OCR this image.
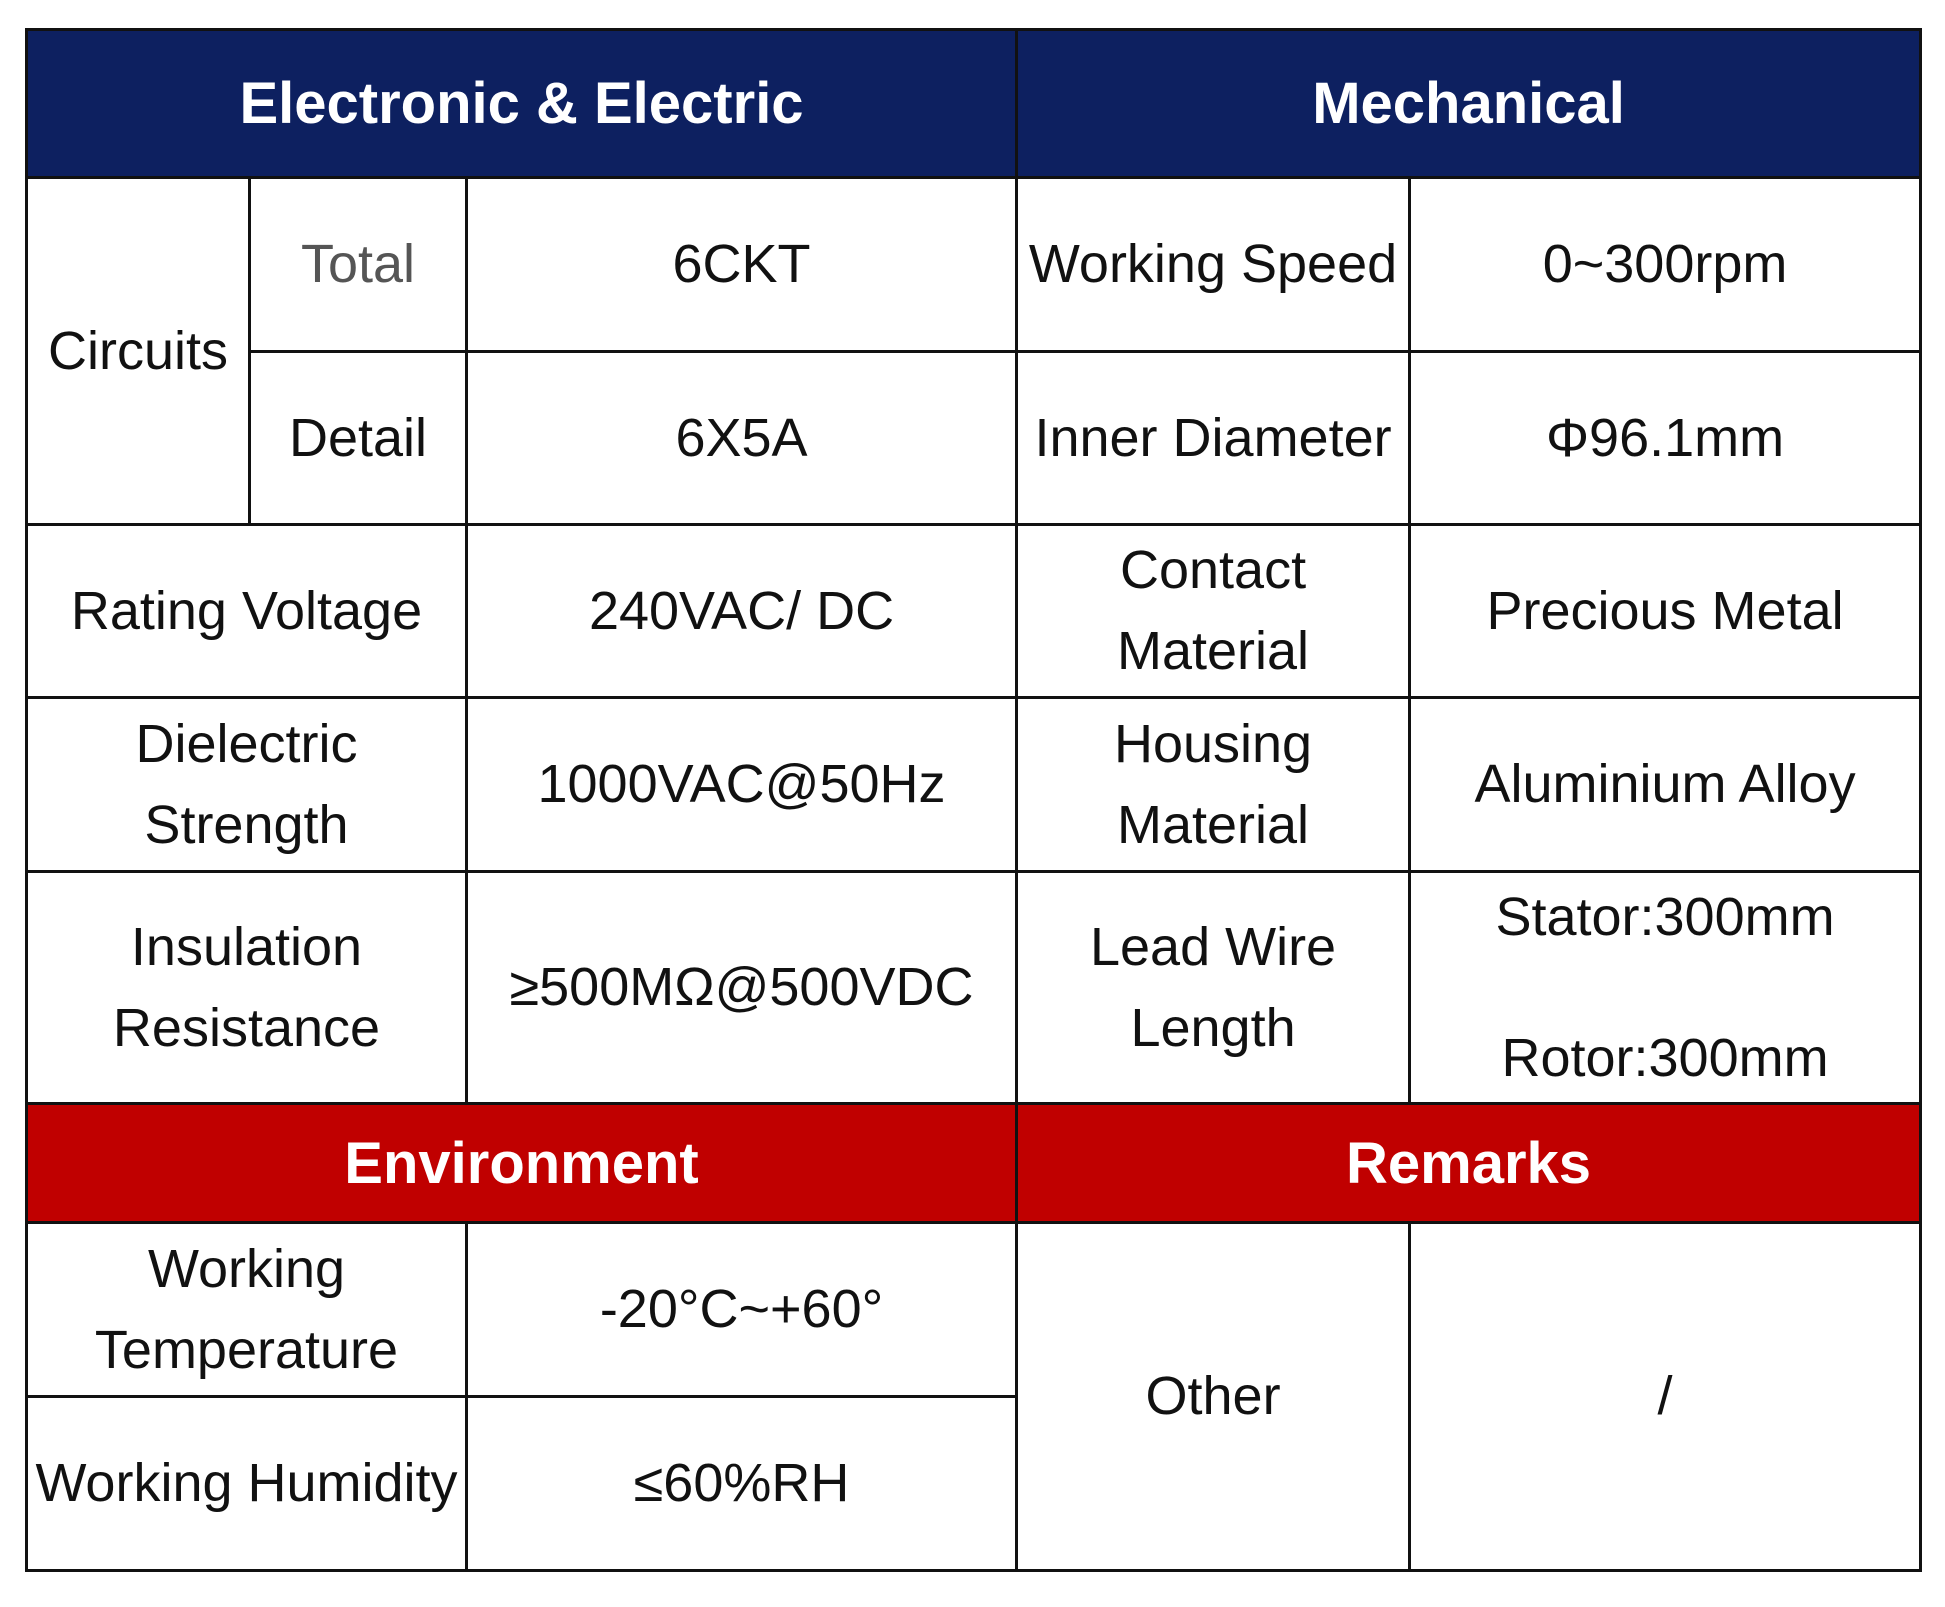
Electronic & Electric			Mechanical	
Circuits	Total	6CKT	Working Speed	0~300rpm
	Detail	6X5A	Inner Diameter	Φ96.1mm
Rating Voltage		240VAC/ DC	Contact Material	Precious Metal
Dielectric Strength		1000VAC@50Hz	Housing Material	Aluminium Alloy
Insulation Resistance		≥500MΩ@500VDC	Lead Wire Length	Stator:300mm
Rotor:300mm

Environment			Remarks	
Working Temperature		-20°C~+60°	Other	/
Working Humidity		≤60%RH		
